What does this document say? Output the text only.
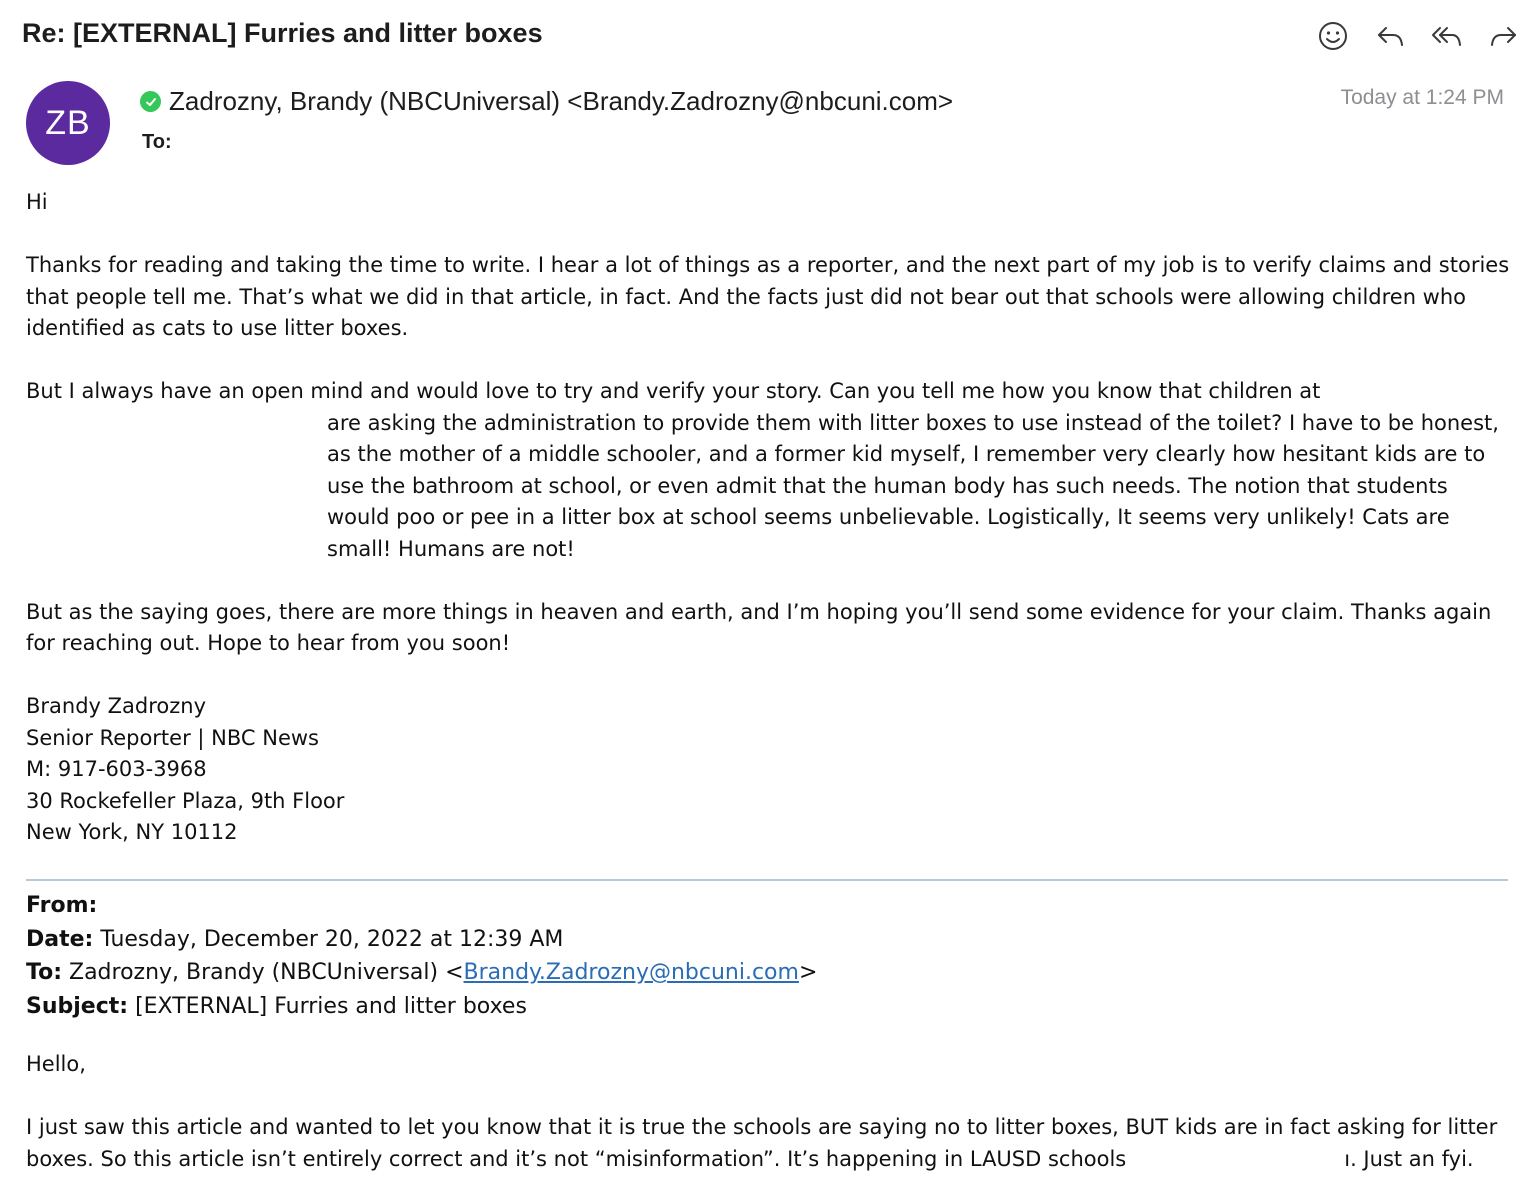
Re: [EXTERNAL] Furries and litter boxes
ZB
Zadrozny, Brandy (NBCUniversal) <Brandy.Zadrozny@nbcuni.com>
To:
Today at 1:24 PM

Hi

Thanks for reading and taking the time to write. I hear a lot of things as a reporter, and the next part of my job is to verify claims and stories that people tell me. That’s what we did in that article, in fact. And the facts just did not bear out that schools were allowing children who identified as cats to use litter boxes.

But I always have an open mind and would love to try and verify your story. Can you tell me how you know that children at

are asking the administration to provide them with litter boxes to use instead of the toilet? I have to be honest, as the mother of a middle schooler, and a former kid myself, I remember very clearly how hesitant kids are to use the bathroom at school, or even admit that the human body has such needs. The notion that students would poo or pee in a litter box at school seems unbelievable. Logistically, It seems very unlikely! Cats are small! Humans are not!

But as the saying goes, there are more things in heaven and earth, and I’m hoping you’ll send some evidence for your claim. Thanks again for reaching out. Hope to hear from you soon!

Brandy Zadrozny

Senior Reporter | NBC News

M: 917-603-3968

30 Rockefeller Plaza, 9th Floor

New York, NY 10112

From:
Date: Tuesday, December 20, 2022 at 12:39 AM
To: Zadrozny, Brandy (NBCUniversal) <Brandy.Zadrozny@nbcuni.com>
Subject: [EXTERNAL] Furries and litter boxes

Hello,

I just saw this article and wanted to let you know that it is true the schools are saying no to litter boxes, BUT kids are in fact asking for litter

boxes. So this article isn’t entirely correct and it’s not “misinformation”. It’s happening in LAUSD schools	ı. Just an fyi.
